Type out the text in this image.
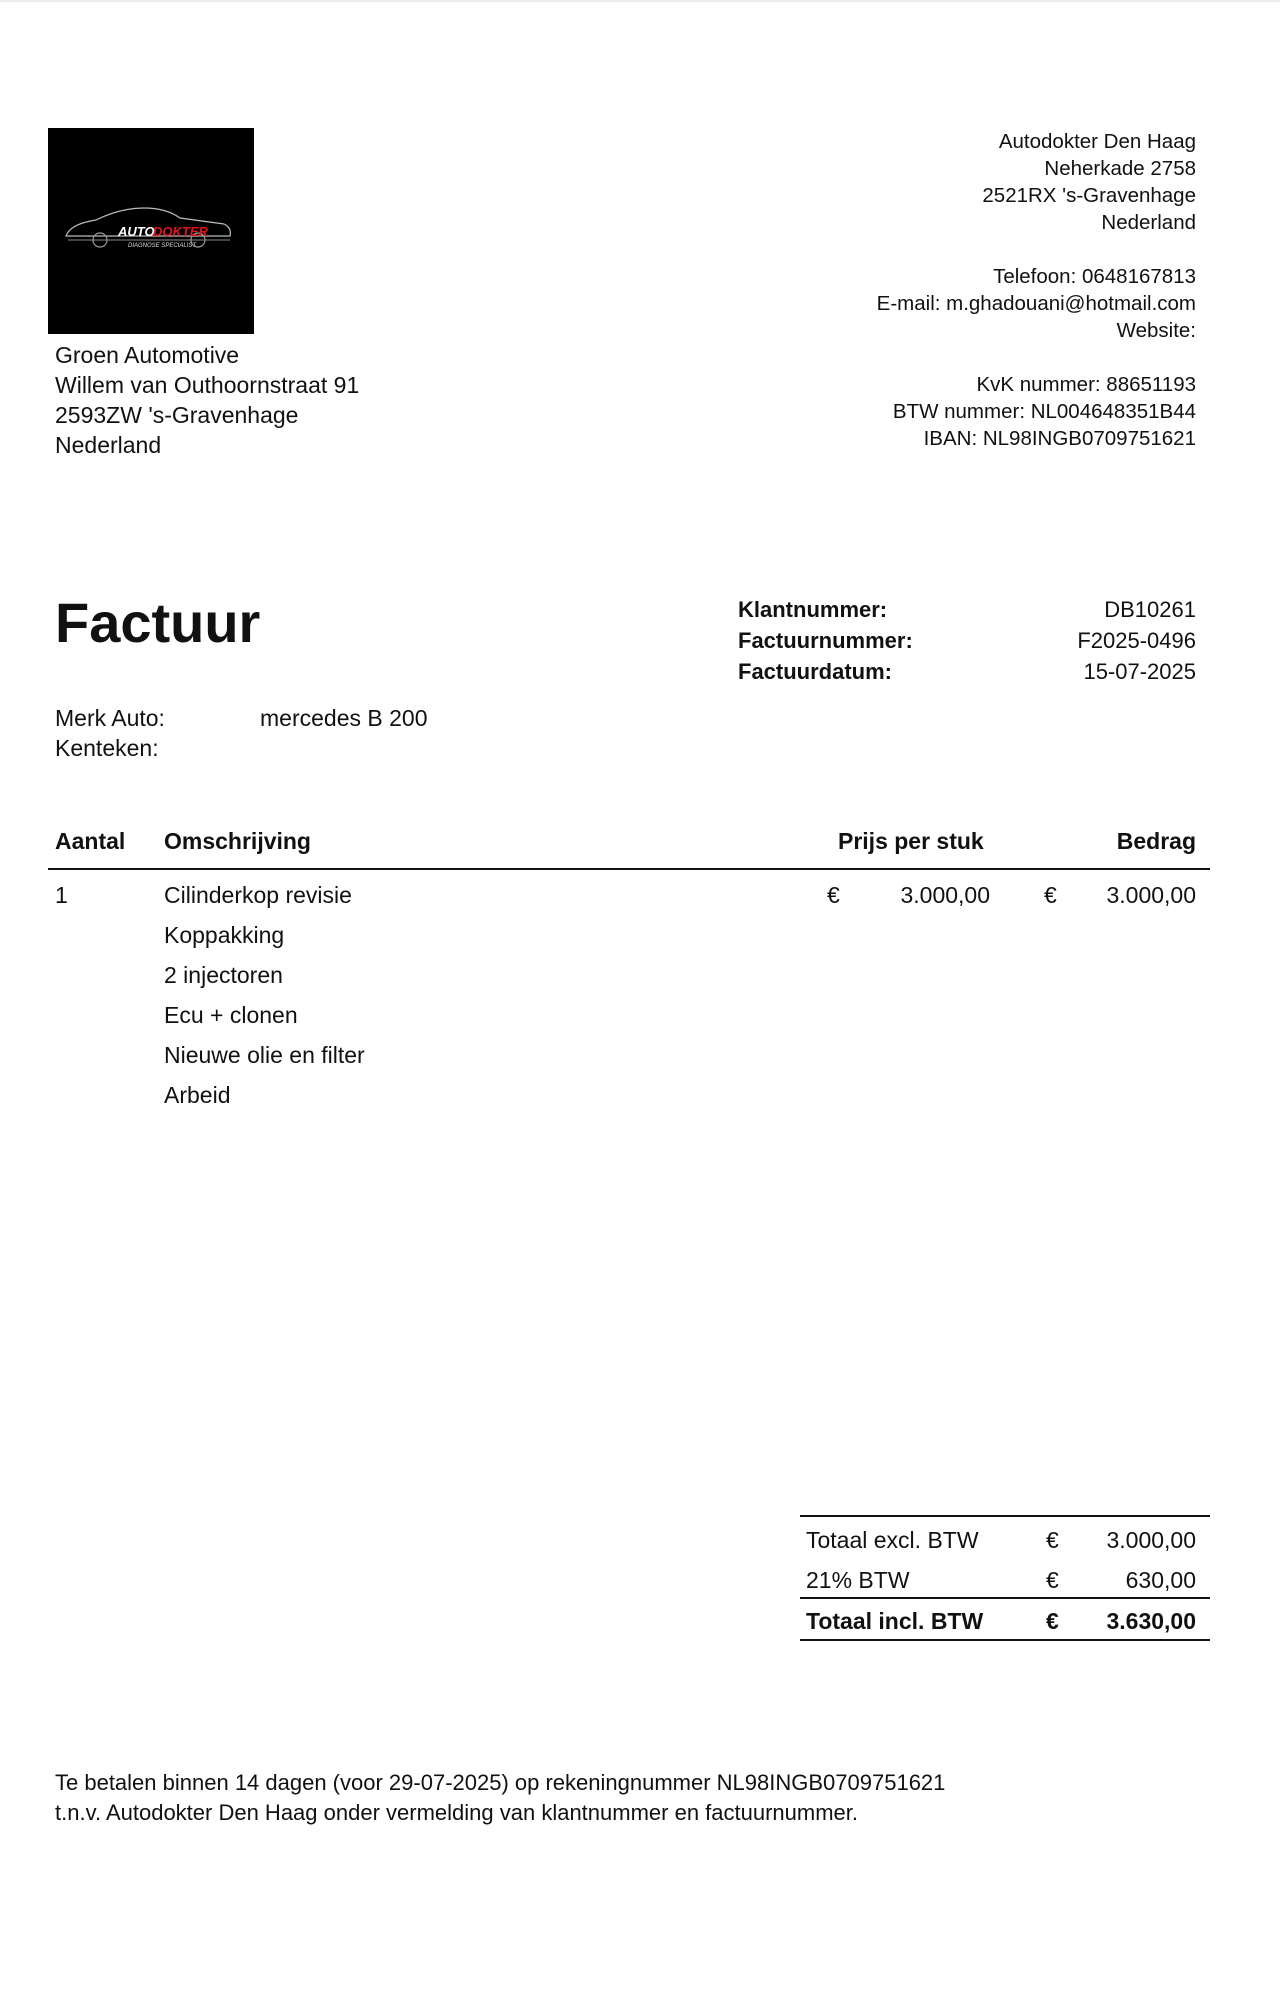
AUTO
DOKTER
DIAGNOSE SPECIALIST
Autodokter Den Haag
Neherkade 2758
2521RX 's-Gravenhage
Nederland
Telefoon: 0648167813
E-mail: m.ghadouani@hotmail.com
Website:
KvK nummer: 88651193
BTW nummer: NL004648351B44
IBAN: NL98INGB0709751621
Groen Automotive
Willem van Outhoornstraat 91
2593ZW 's-Gravenhage
Nederland
Factuur	Klantnummer:	DB10261
Factuurnummer:	F2025-0496
Factuurdatum:	15-07-2025
Merk Auto:	mercedes B 200
Kenteken:
Aantal Omschrijving	Prijs per stuk	Bedrag
1	Cilinderkop revisie	€	3.000,00 € 3.000,00
Koppakking
2 injectoren
Ecu + clonen
Nieuwe olie en filter
Arbeid
Totaal excl. BTW	€ 3.000,00
21% BTW	€	630,00
Totaal incl. BTW	€ 3.630,00
Te betalen binnen 14 dagen (voor 29-07-2025) op rekeningnummer NL98INGB0709751621
t.n.v. Autodokter Den Haag onder vermelding van klantnummer en factuurnummer.
